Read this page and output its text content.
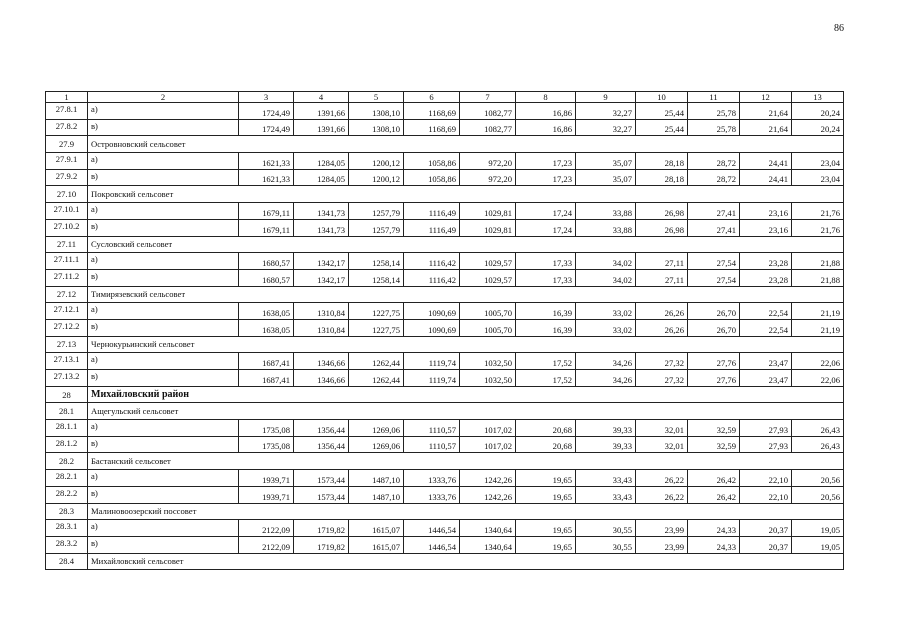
86
1	2	3	4	5	6	7	8	9	10	11	12	13
27.8.1	а)	1724,49	1391,66	1308,10	1168,69	1082,77	16,86	32,27	25,44	25,78	21,64	20,24
27.8.2	в)	1724,49	1391,66	1308,10	1168,69	1082,77	16,86	32,27	25,44	25,78	21,64	20,24
27.9	Островновский сельсовет											
27.9.1	а)	1621,33	1284,05	1200,12	1058,86	972,20	17,23	35,07	28,18	28,72	24,41	23,04
27.9.2	в)	1621,33	1284,05	1200,12	1058,86	972,20	17,23	35,07	28,18	28,72	24,41	23,04
27.10	Покровский сельсовет											
27.10.1	а)	1679,11	1341,73	1257,79	1116,49	1029,81	17,24	33,88	26,98	27,41	23,16	21,76
27.10.2	в)	1679,11	1341,73	1257,79	1116,49	1029,81	17,24	33,88	26,98	27,41	23,16	21,76
27.11	Сусловский сельсовет											
27.11.1	а)	1680,57	1342,17	1258,14	1116,42	1029,57	17,33	34,02	27,11	27,54	23,28	21,88
27.11.2	в)	1680,57	1342,17	1258,14	1116,42	1029,57	17,33	34,02	27,11	27,54	23,28	21,88
27.12	Тимирязевский сельсовет											
27.12.1	а)	1638,05	1310,84	1227,75	1090,69	1005,70	16,39	33,02	26,26	26,70	22,54	21,19
27.12.2	в)	1638,05	1310,84	1227,75	1090,69	1005,70	16,39	33,02	26,26	26,70	22,54	21,19
27.13	Чернокурьинский сельсовет											
27.13.1	а)	1687,41	1346,66	1262,44	1119,74	1032,50	17,52	34,26	27,32	27,76	23,47	22,06
27.13.2	в)	1687,41	1346,66	1262,44	1119,74	1032,50	17,52	34,26	27,32	27,76	23,47	22,06
28	Михайловский район											
28.1	Ащегульский сельсовет											
28.1.1	а)	1735,08	1356,44	1269,06	1110,57	1017,02	20,68	39,33	32,01	32,59	27,93	26,43
28.1.2	в)	1735,08	1356,44	1269,06	1110,57	1017,02	20,68	39,33	32,01	32,59	27,93	26,43
28.2	Бастанский сельсовет											
28.2.1	а)	1939,71	1573,44	1487,10	1333,76	1242,26	19,65	33,43	26,22	26,42	22,10	20,56
28.2.2	в)	1939,71	1573,44	1487,10	1333,76	1242,26	19,65	33,43	26,22	26,42	22,10	20,56
28.3	Малиновоозерский поссовет											
28.3.1	а)	2122,09	1719,82	1615,07	1446,54	1340,64	19,65	30,55	23,99	24,33	20,37	19,05
28.3.2	в)	2122,09	1719,82	1615,07	1446,54	1340,64	19,65	30,55	23,99	24,33	20,37	19,05
28.4	Михайловский сельсовет											
